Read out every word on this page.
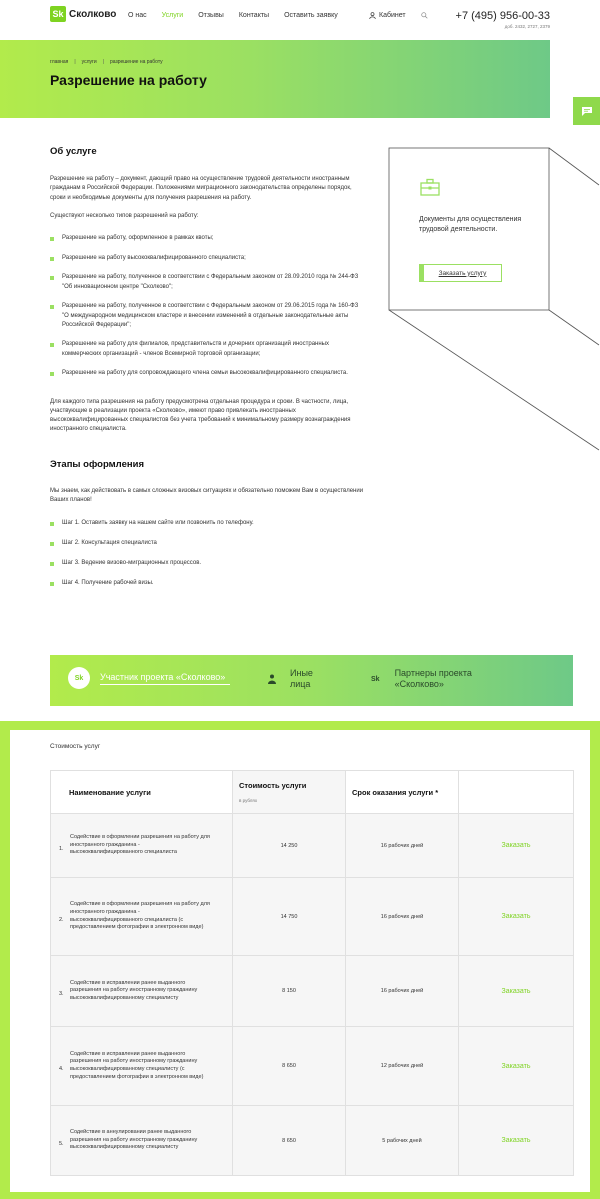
Sk Сколково О нас Услуги Отзывы Контакты Оставить заявку	Кабинет	+7 (495) 956-00-33
доб. 2432, 2727, 2379
главная | услуги | разрешение на работу
Разрешение на работу
Об услуге

Разрешение на работу – документ, дающий право на осуществление трудовой деятельности иностранным гражданам в Российской Федерации. Положениями миграционного законодательства определены порядок, сроки и необходимые документы для получения разрешения на работу.

Существуют несколько типов разрешений на работу:

Разрешение на работу, оформленное в рамках квоты;
Разрешение на работу высококвалифицированного специалиста;
Разрешение на работу, полученное в соответствии с Федеральным законом от 28.09.2010 года № 244-ФЗ "Об инновационном центре "Сколково";
Разрешение на работу, полученное в соответствии с Федеральным законом от 29.06.2015 года № 160-ФЗ "О международном медицинском кластере и внесении изменений в отдельные законодательные акты Российской Федерации";
Разрешение на работу для филиалов, представительств и дочерних организаций иностранных коммерческих организаций - членов Всемирной торговой организации;
Разрешение на работу для сопровождающего члена семьи высококвалифицированного специалиста.

Для каждого типа разрешения на работу предусмотрена отдельная процедура и сроки. В частности, лица, участвующие в реализации проекта «Сколково», имеют право привлекать иностранных высококвалифицированных специалистов без учета требований к минимальному размеру вознаграждения иностранного специалиста.

Этапы оформления

Мы знаем, как действовать в самых сложных визовых ситуациях и обязательно поможем Вам в осуществлении Ваших планов!

Шаг 1. Оставить заявку на нашем сайте или позвонить по телефону.
Шаг 2. Консультация специалиста
Шаг 3. Ведение визово-миграционных процессов.
Шаг 4. Получение рабочей визы.
Документы для осуществления трудовой деятельности.
Заказать услугу
Sk	Участник проекта «Сколково»	Иные лица	Sk
Партнеры проекта «Сколково»
Стоимость услуг
Наименование услуги	Стоимость услуги
в рублях	Срок оказания услуги *	

1.
Содействие в оформлении разрешения на работу для иностранного гражданина - высококвалифицированного специалиста	14 250	16 рабочих дней	Заказать

2.
Содействие в оформлении разрешения на работу для иностранного гражданина - высококвалифицированного специалиста (с предоставлением фотографии в электронном виде)	14 750	16 рабочих дней	Заказать

3.
Содействие в исправлении ранее выданного разрешения на работу иностранному гражданину высококвалифицированному специалисту	8 150	16 рабочих дней	Заказать

4.
Содействие в исправлении ранее выданного разрешения на работу иностранному гражданину высококвалифицированному специалисту (с предоставлением фотографии в электронном виде)	8 650	12 рабочих дней	Заказать

5.
Содействие в аннулировании ранее выданного разрешения на работу иностранному гражданину высококвалифицированному специалисту	8 650	5 рабочих дней	Заказать
